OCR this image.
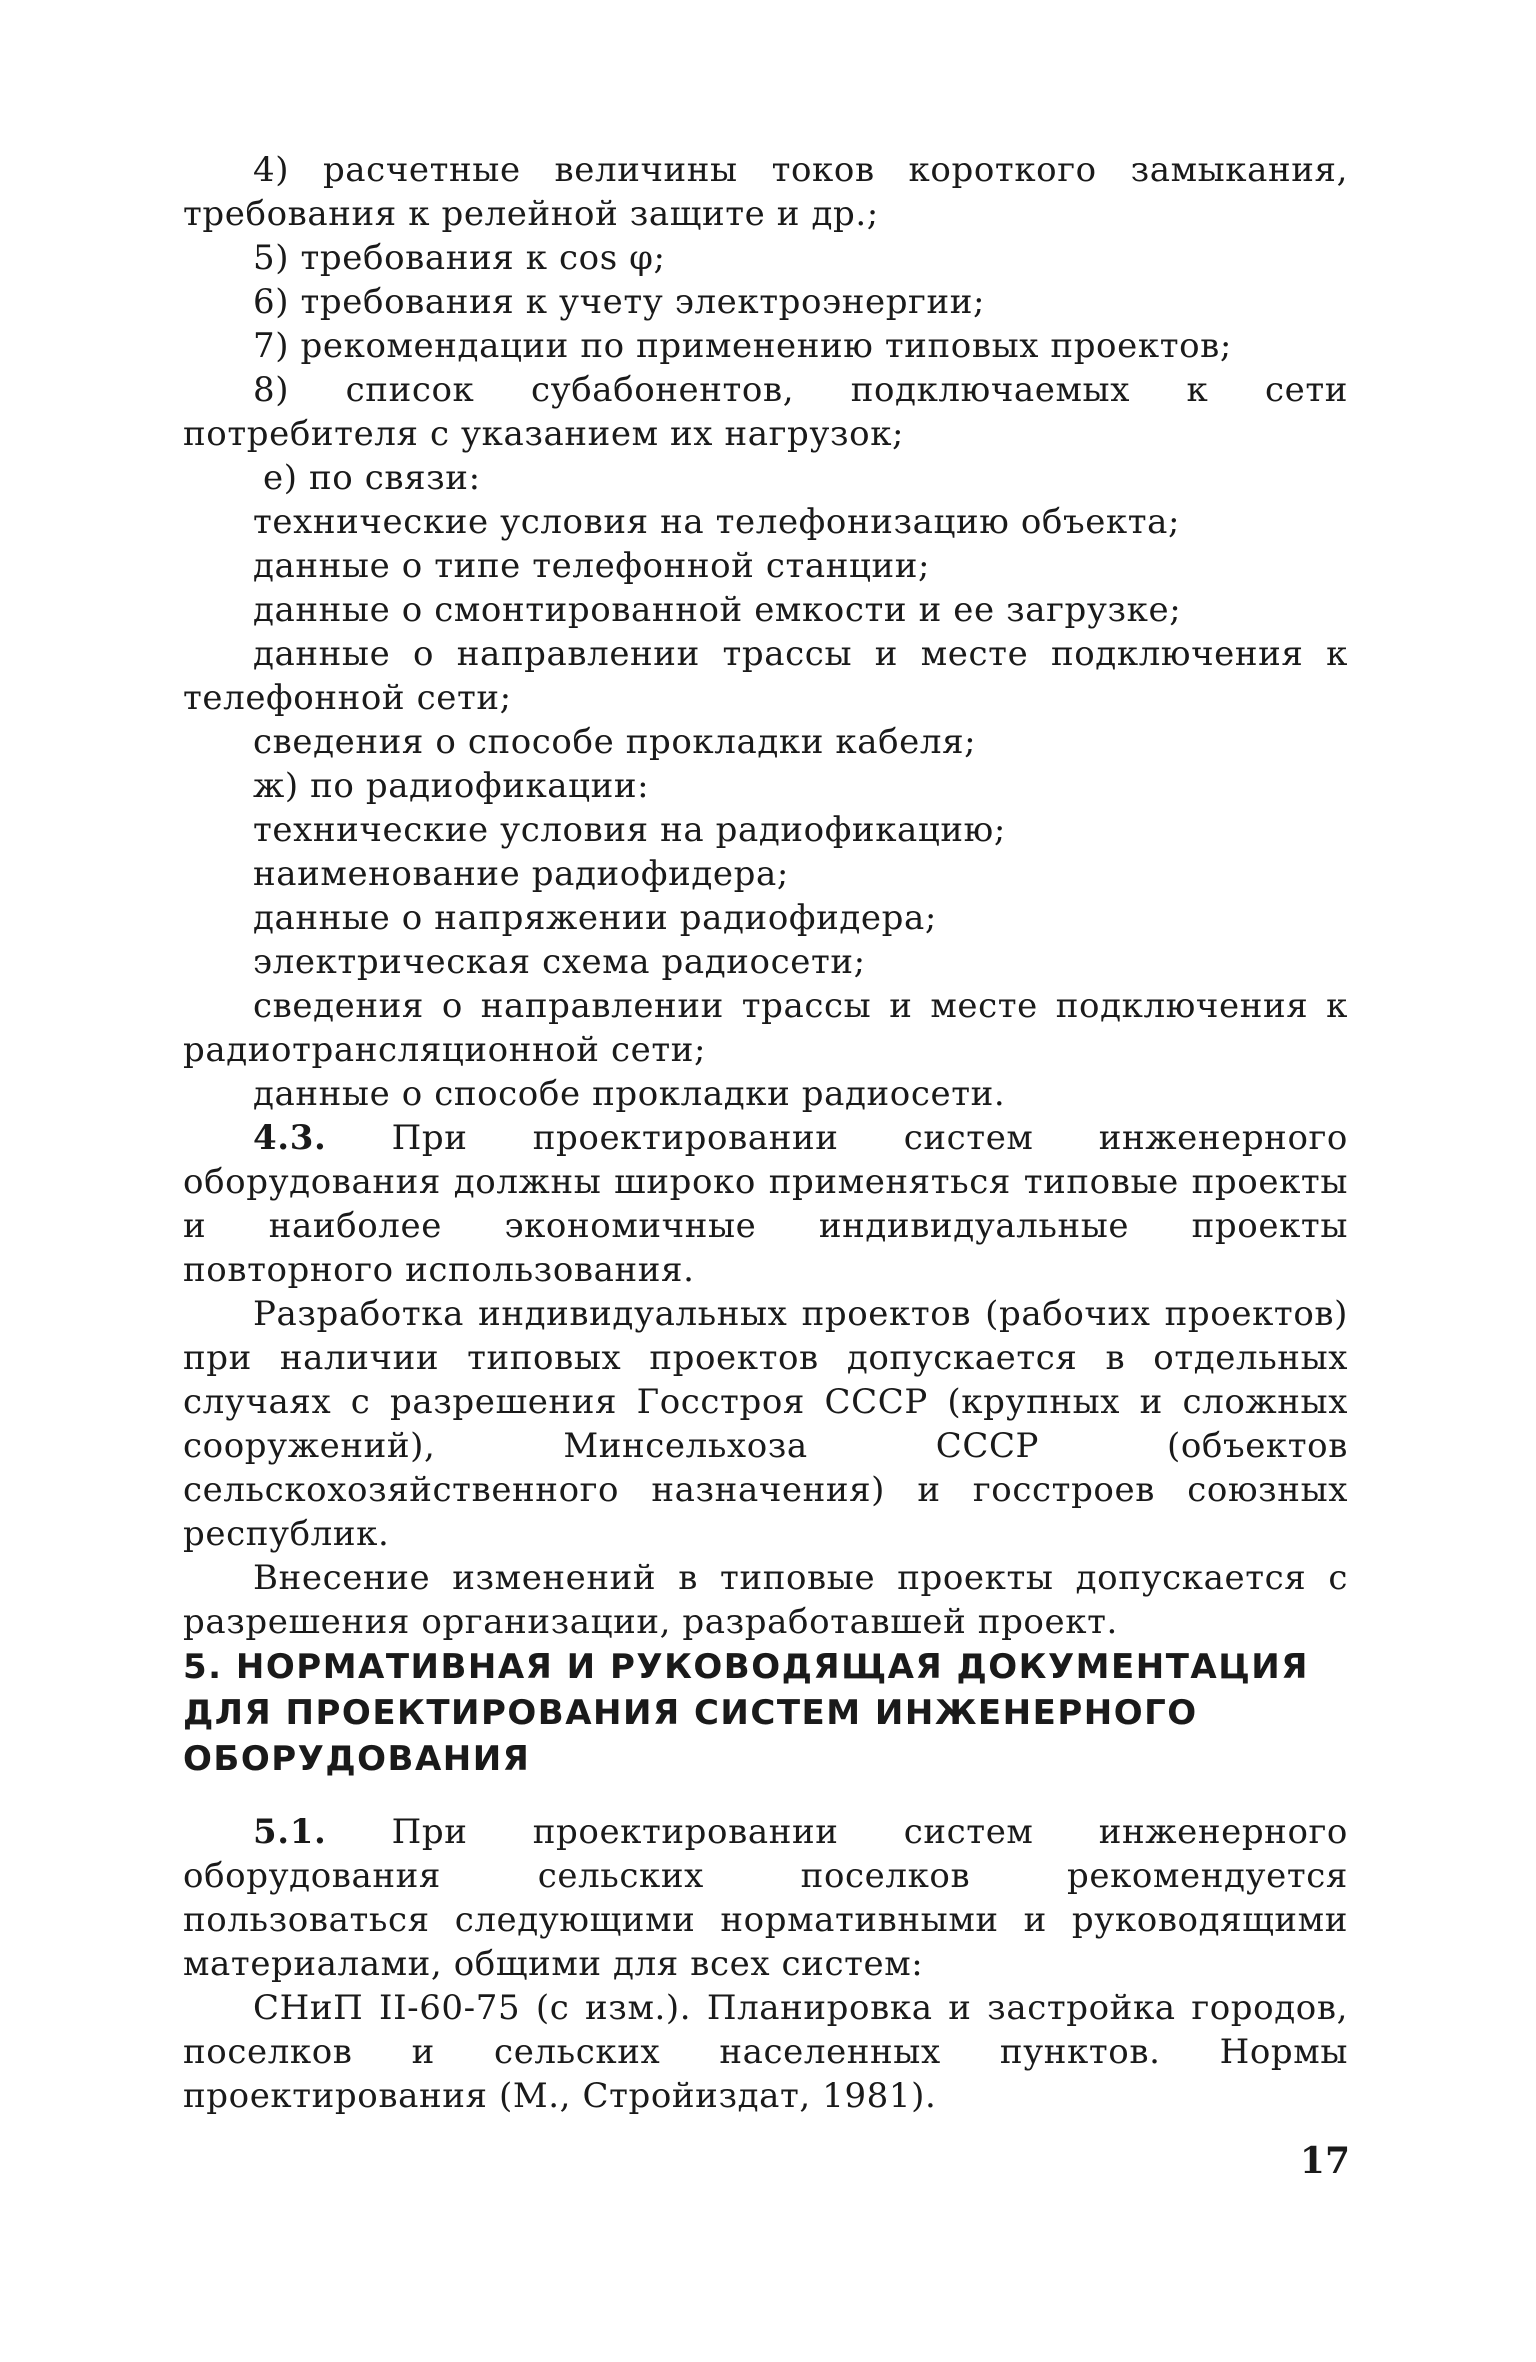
4) расчетные величины токов короткого замыкания, требования к релейной защите и др.;

5) требования к cos φ;

6) требования к учету электроэнергии;

7) рекомендации по применению типовых проектов;

8) список субабонентов, подключаемых к сети потребителя с указанием их нагрузок;

е) по связи:

технические условия на телефонизацию объекта;

данные о типе телефонной станции;

данные о смонтированной емкости и ее загрузке;

данные о направлении трассы и месте подключения к телефонной сети;

сведения о способе прокладки кабеля;

ж) по радиофикации:

технические условия на радиофикацию;

наименование радиофидера;

данные о напряжении радиофидера;

электрическая схема радиосети;

сведения о направлении трассы и месте подключения к радиотрансляционной сети;

данные о способе прокладки радиосети.

4.3. При проектировании систем инженерного оборудования должны широко применяться типовые проекты и наиболее экономичные индивидуальные проекты повторного использования.

Разработка индивидуальных проектов (рабочих проектов) при наличии типовых проектов допускается в отдельных случаях с разрешения Госстроя СССР (крупных и сложных сооружений), Минсельхоза СССР (объектов сельскохозяйственного назначения) и госстроев союзных республик.

Внесение изменений в типовые проекты допускается с разрешения организации, разработавшей проект.

5. НОРМАТИВНАЯ И РУКОВОДЯЩАЯ ДОКУМЕНТАЦИЯ ДЛЯ ПРОЕКТИРОВАНИЯ СИСТЕМ ИНЖЕНЕРНОГО ОБОРУДОВАНИЯ

5.1. При проектировании систем инженерного оборудования сельских поселков рекомендуется пользоваться следующими нормативными и руководящими материалами, общими для всех систем:

СНиП II-60-75 (с изм.). Планировка и застройка городов, поселков и сельских населенных пунктов. Нормы проектирования (М., Стройиздат, 1981).

17
